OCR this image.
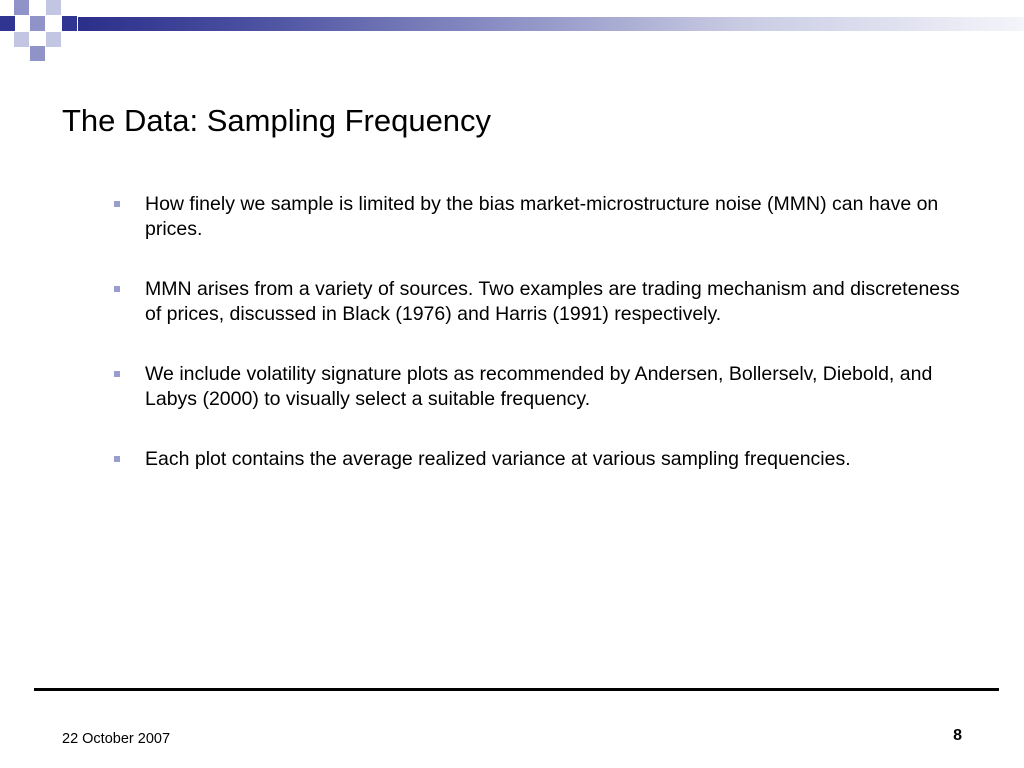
The Data: Sampling Frequency
How finely we sample is limited by the bias market-microstructure noise (MMN) can have on prices.
MMN arises from a variety of sources. Two examples are trading mechanism and discreteness of prices, discussed in Black (1976) and Harris (1991) respectively.
We include volatility signature plots as recommended by Andersen, Bollerselv, Diebold, and Labys (2000) to visually select a suitable frequency.
Each plot contains the average realized variance at various sampling frequencies.
22 October 2007	8
